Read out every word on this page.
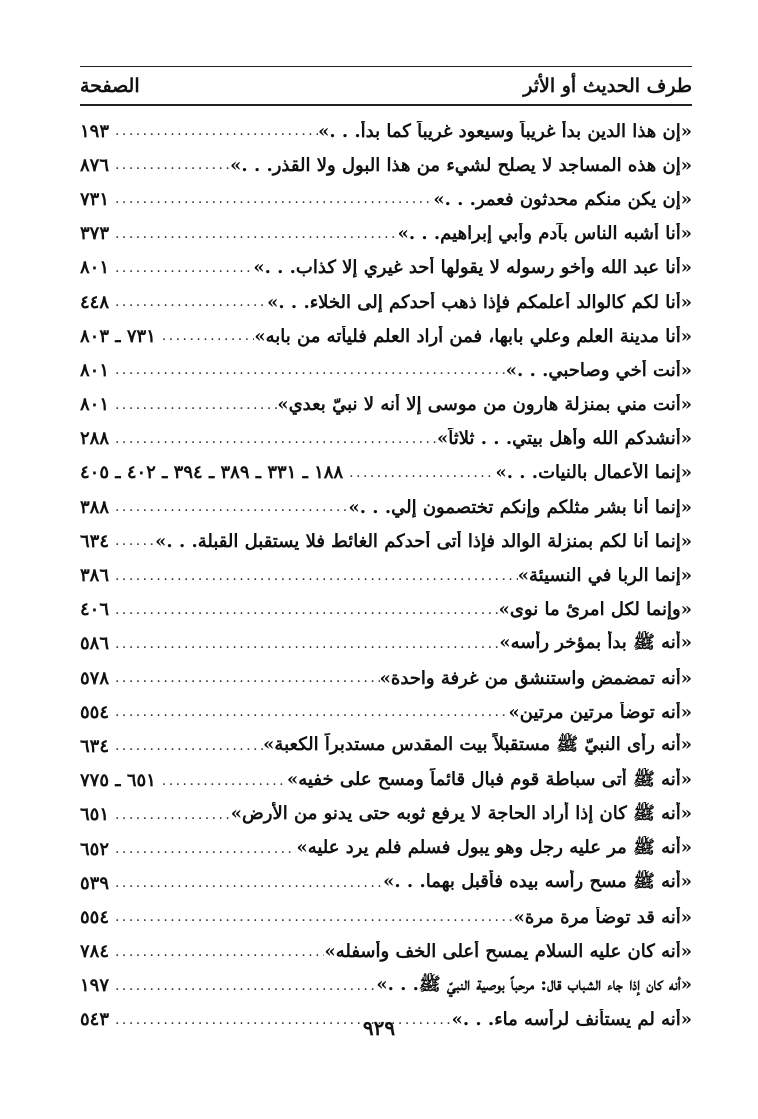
طرف الحديث أو الأثر
الصفحة
«إن هذا الدين بدأ غريباً وسيعود غريباً كما بدأ. . .»
. . .
١٩٣
«إن هذه المساجد لا يصلح لشيء من هذا البول ولا القذر. . .»
. . .
٨٧٦
«إن يكن منكم محدثون فعمر. . .»
. . .
٧٣١
«أنا أشبه الناس بآدم وأبي إبراهيم. . .»
. . .
٣٧٣
«أنا عبد الله وأخو رسوله لا يقولها أحد غيري إلا كذاب. . .»
. . .
٨٠١
«أنا لكم كالوالد أعلمكم فإذا ذهب أحدكم إلى الخلاء. . .»
. . .
٤٤٨
«أنا مدينة العلم وعلي بابها، فمن أراد العلم فليأته من بابه»
. . .
٧٣١ ـ ٨٠٣
«أنت أخي وصاحبي. . .»
. . .
٨٠١
«أنت مني بمنزلة هارون من موسى إلا أنه لا نبيّ بعدي»
. . .
٨٠١
«أنشدكم الله وأهل بيتي. . . ثلاثاً»
. . .
٢٨٨
«إنما الأعمال بالنيات. . .»
. . .
١٨٨ ـ ٣٣١ ـ ٣٨٩ ـ ٣٩٤ ـ ٤٠٢ ـ ٤٠٥
«إنما أنا بشر مثلكم وإنكم تختصمون إلي. . .»
. . .
٣٨٨
«إنما أنا لكم بمنزلة الوالد فإذا أتى أحدكم الغائط فلا يستقبل القبلة. . .»
. . .
٦٣٤
«إنما الربا في النسيئة»
. . .
٣٨٦
«وإنما لكل امرئ ما نوى»
. . .
٤٠٦
«أنه ﷺ بدأ بمؤخر رأسه»
. . .
٥٨٦
«أنه تمضمض واستنشق من غرفة واحدة»
. . .
٥٧٨
«أنه توضأ مرتين مرتين»
. . .
٥٥٤
«أنه رأى النبيّ ﷺ مستقبلاً بيت المقدس مستدبراً الكعبة»
. . .
٦٣٤
«أنه ﷺ أتى سباطة قوم فبال قائماً ومسح على خفيه»
. . .
٦٥١ ـ ٧٧٥
«أنه ﷺ كان إذا أراد الحاجة لا يرفع ثوبه حتى يدنو من الأرض»
. . .
٦٥١
«أنه ﷺ مر عليه رجل وهو يبول فسلم فلم يرد عليه»
. . .
٦٥٢
«أنه ﷺ مسح رأسه بيده فأقبل بهما. . .»
. . .
٥٣٩
«أنه قد توضأ مرة مرة»
. . .
٥٥٤
«أنه كان عليه السلام يمسح أعلى الخف وأسفله»
. . .
٧٨٤
«أنه كان إذا جاء الشباب قال: مرحباً بوصية النبيّ ﷺ. . .»
. . .
١٩٧
«أنه لم يستأنف لرأسه ماء. . .»
. . .
٥٤٣	٩٢٩
